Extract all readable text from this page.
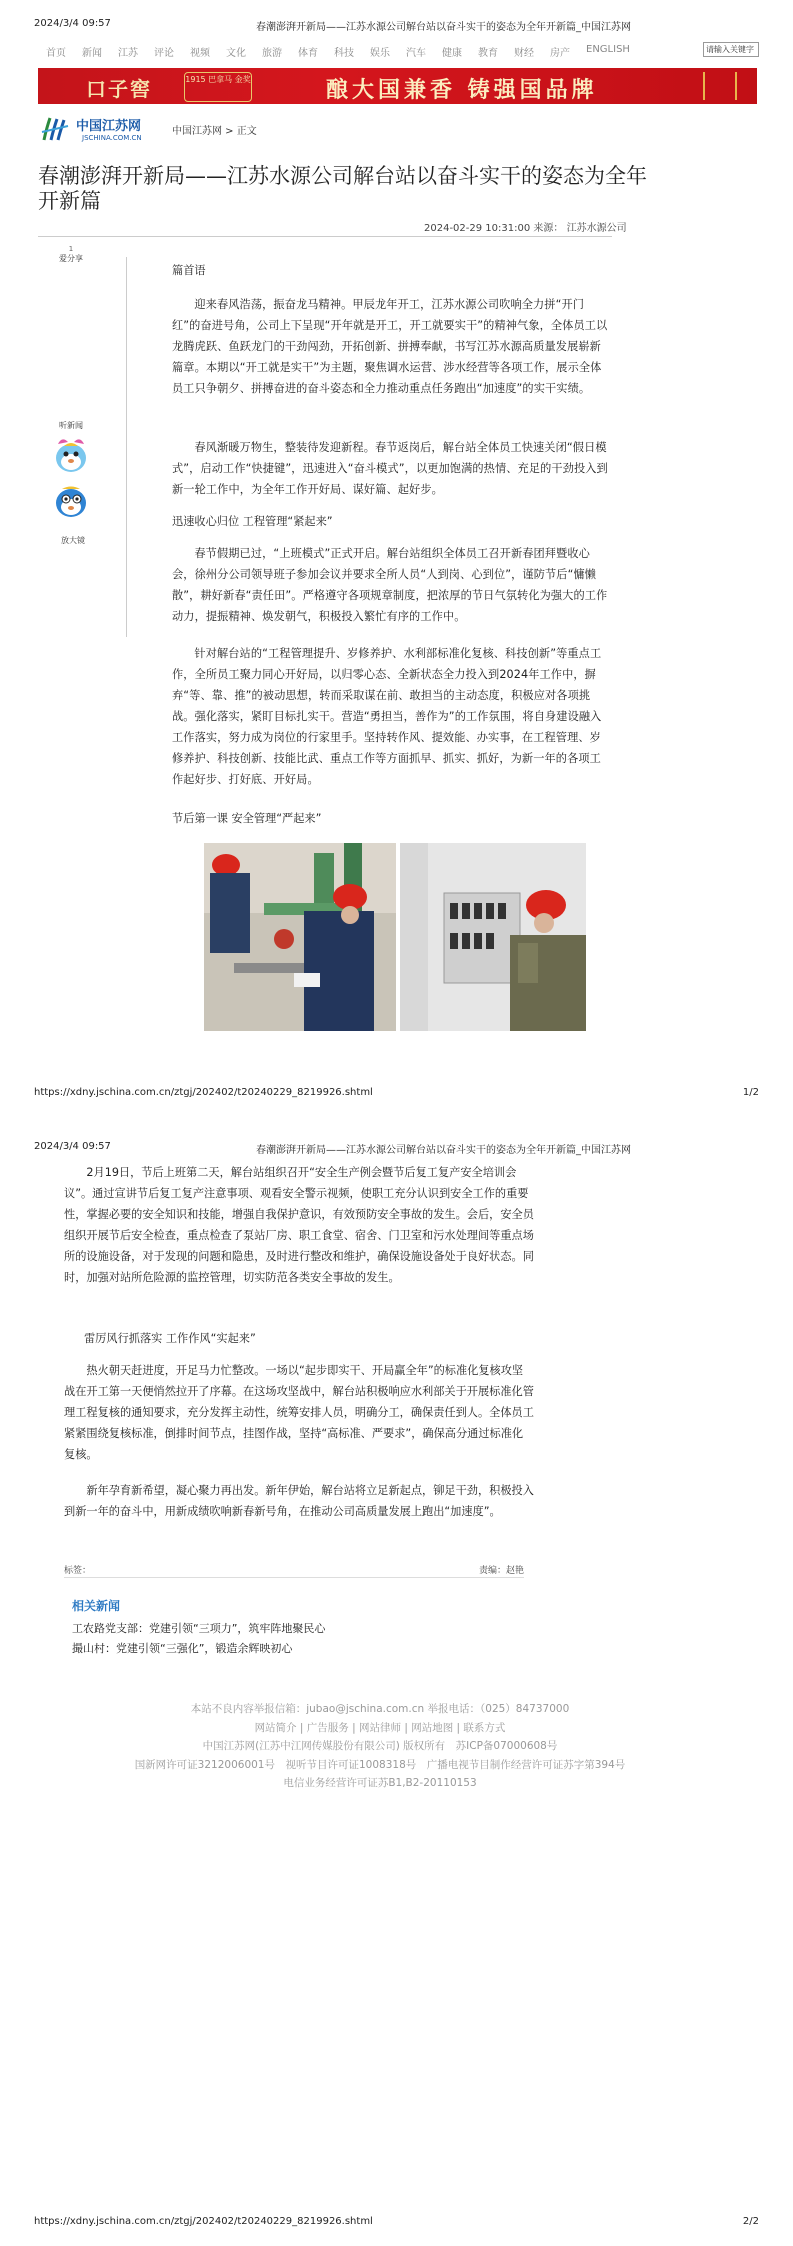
2024/3/4 09:57	春潮澎湃开新局——江苏水源公司解台站以奋斗实干的姿态为全年开新篇_中国江苏网
首页 新闻 江苏 评论 视频 文化 旅游 体育 科技 娱乐 汽车 健康 教育 财经 房产 ENGLISH	请输入关键字
口子窖	1915 巴拿马 金奖	酿大国兼香 铸强国品牌
中国江苏网
JSCHINA.COM.CN
中国江苏网 > 正文
春潮澎湃开新局——江苏水源公司解台站以奋斗实干的姿态为全年开新篇
2024-02-29 10:31:00 来源： 江苏水源公司
1
爱分享
听新闻
放大镜
篇首语

迎来春风浩荡，振奋龙马精神。甲辰龙年开工，江苏水源公司吹响全力拼“开门红”的奋进号角，公司上下呈现“开年就是开工，开工就要实干”的精神气象，全体员工以龙腾虎跃、鱼跃龙门的干劲闯劲，开拓创新、拼搏奉献，书写江苏水源高质量发展崭新篇章。本期以“开工就是实干”为主题，聚焦调水运营、涉水经营等各项工作，展示全体员工只争朝夕、拼搏奋进的奋斗姿态和全力推动重点任务跑出“加速度”的实干实绩。

春风渐暖万物生，整装待发迎新程。春节返岗后，解台站全体员工快速关闭“假日模式”，启动工作“快捷键”，迅速进入“奋斗模式”，以更加饱满的热情、充足的干劲投入到新一轮工作中，为全年工作开好局、谋好篇、起好步。

迅速收心归位 工程管理“紧起来”

春节假期已过，“上班模式”正式开启。解台站组织全体员工召开新春团拜暨收心会，徐州分公司领导班子参加会议并要求全所人员“人到岗、心到位”，谨防节后“慵懒散”，耕好新春“责任田”。严格遵守各项规章制度，把浓厚的节日气氛转化为强大的工作动力，提振精神、焕发朝气，积极投入繁忙有序的工作中。

针对解台站的“工程管理提升、岁修养护、水利部标准化复核、科技创新”等重点工作，全所员工聚力同心开好局，以归零心态、全新状态全力投入到2024年工作中，摒弃“等、靠、推”的被动思想，转而采取谋在前、敢担当的主动态度，积极应对各项挑战。强化落实，紧盯目标扎实干。营造“勇担当，善作为”的工作氛围，将自身建设融入工作落实，努力成为岗位的行家里手。坚持转作风、提效能、办实事，在工程管理、岁修养护、科技创新、技能比武、重点工作等方面抓早、抓实、抓好，为新一年的各项工作起好步、打好底、开好局。

节后第一课 安全管理“严起来”
https://xdny.jschina.com.cn/ztgj/202402/t20240229_8219926.shtml	1/2
2024/3/4 09:57	春潮澎湃开新局——江苏水源公司解台站以奋斗实干的姿态为全年开新篇_中国江苏网

2月19日，节后上班第二天，解台站组织召开“安全生产例会暨节后复工复产安全培训会议”。通过宣讲节后复工复产注意事项、观看安全警示视频，使职工充分认识到安全工作的重要性，掌握必要的安全知识和技能，增强自我保护意识，有效预防安全事故的发生。会后，安全员组织开展节后安全检查，重点检查了泵站厂房、职工食堂、宿舍、门卫室和污水处理间等重点场所的设施设备，对于发现的问题和隐患，及时进行整改和维护，确保设施设备处于良好状态。同时，加强对站所危险源的监控管理，切实防范各类安全事故的发生。

雷厉风行抓落实 工作作风“实起来”

热火朝天赶进度，开足马力忙整改。一场以“起步即实干、开局赢全年”的标准化复核攻坚战在开工第一天便悄然拉开了序幕。在这场攻坚战中，解台站积极响应水利部关于开展标准化管理工程复核的通知要求，充分发挥主动性，统筹安排人员，明确分工，确保责任到人。全体员工紧紧围绕复核标准，倒排时间节点，挂图作战，坚持“高标准、严要求”，确保高分通过标准化复核。

新年孕育新希望，凝心聚力再出发。新年伊始，解台站将立足新起点，铆足干劲，积极投入到新一年的奋斗中，用新成绩吹响新春新号角，在推动公司高质量发展上跑出“加速度”。

标签：	责编：赵艳
相关新闻
工农路党支部：党建引领“三项力”，筑牢阵地聚民心
撮山村：党建引领“三强化”，锻造余辉映初心
本站不良内容举报信箱：jubao@jschina.com.cn 举报电话：（025）84737000
网站简介 | 广告服务 | 网站律师 | 网站地图 | 联系方式
中国江苏网(江苏中江网传媒股份有限公司) 版权所有　苏ICP备07000608号
国新网许可证3212006001号　视听节目许可证1008318号　广播电视节目制作经营许可证苏字第394号
电信业务经营许可证苏B1,B2-20110153
https://xdny.jschina.com.cn/ztgj/202402/t20240229_8219926.shtml	2/2
